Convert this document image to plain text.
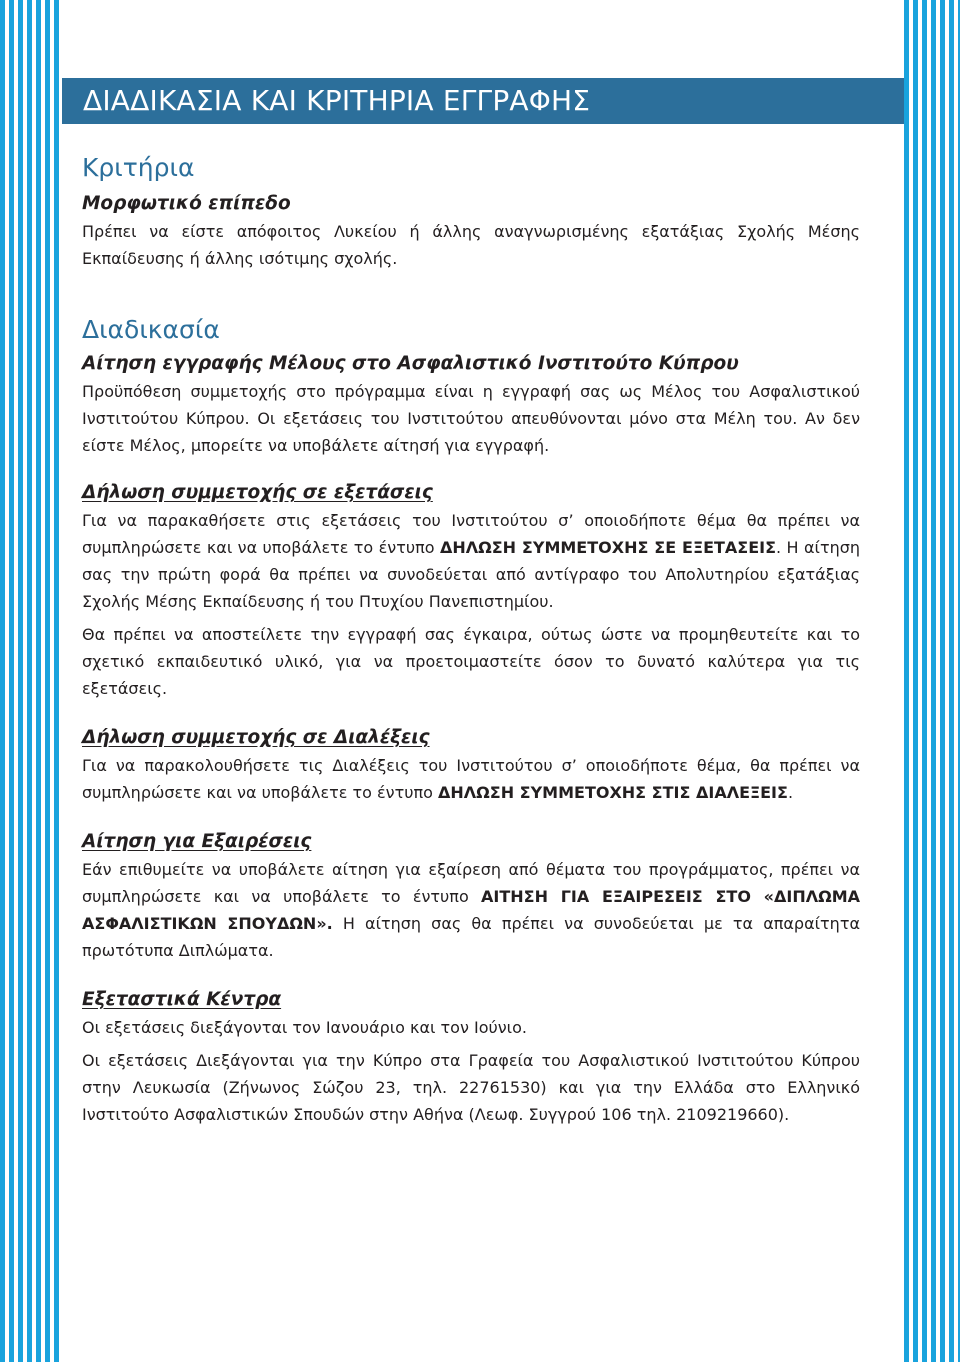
ΔΙΑΔΙΚΑΣΙΑ ΚΑΙ ΚΡΙΤΗΡΙΑ ΕΓΓΡΑΦΗΣ
Κριτήρια
Μορφωτικό επίπεδο

Πρέπει να είστε απόφοιτος Λυκείου ή άλλης αναγνωρισμένης εξατάξιας Σχολής Μέσης Εκπαίδευσης ή άλλης ισότιμης σχολής.

Διαδικασία
Αίτηση εγγραφής Μέλους στο Ασφαλιστικό Ινστιτούτο Κύπρου

Προϋπόθεση συμμετοχής στο πρόγραμμα είναι η εγγραφή σας ως Μέλος του Ασφαλιστικού Ινστιτούτου Κύπρου. Οι εξετάσεις του Ινστιτούτου απευθύνονται μόνο στα Μέλη του. Αν δεν είστε Μέλος, μπορείτε να υποβάλετε αίτησή για εγγραφή.

Δήλωση συμμετοχής σε εξετάσεις

Για να παρακαθήσετε στις εξετάσεις του Ινστιτούτου σ’ οποιοδήποτε θέμα θα πρέπει να συμπληρώσετε και να υποβάλετε το έντυπο ΔΗΛΩΣΗ ΣΥΜΜΕΤΟΧΗΣ ΣΕ ΕΞΕΤΑΣΕΙΣ. Η αίτηση σας την πρώτη φορά θα πρέπει να συνοδεύεται από αντίγραφο του Απολυτηρίου εξατάξιας Σχολής Μέσης Εκπαίδευσης ή του Πτυχίου Πανεπιστημίου.

Θα πρέπει να αποστείλετε την εγγραφή σας έγκαιρα, ούτως ώστε να προμηθευτείτε και το σχετικό εκπαιδευτικό υλικό, για να προετοιμαστείτε όσον το δυνατό καλύτερα για τις εξετάσεις.

Δήλωση συμμετοχής σε Διαλέξεις

Για να παρακολουθήσετε τις Διαλέξεις του Ινστιτούτου σ’ οποιοδήποτε θέμα, θα πρέπει να συμπληρώσετε και να υποβάλετε το έντυπο ΔΗΛΩΣΗ ΣΥΜΜΕΤΟΧΗΣ ΣΤΙΣ ΔΙΑΛΕΞΕΙΣ.

Αίτηση για Εξαιρέσεις

Εάν επιθυμείτε να υποβάλετε αίτηση για εξαίρεση από θέματα του προγράμματος, πρέπει να συμπληρώσετε και να υποβάλετε το έντυπο ΑΙΤΗΣΗ ΓΙΑ ΕΞΑΙΡΕΣΕΙΣ ΣΤΟ «ΔΙΠΛΩΜΑ ΑΣΦΑΛΙΣΤΙΚΩΝ ΣΠΟΥΔΩΝ». Η αίτηση σας θα πρέπει να συνοδεύεται με τα απαραίτητα πρωτότυπα Διπλώματα.

Εξεταστικά Κέντρα

Οι εξετάσεις διεξάγονται τον Ιανουάριο και τον Ιούνιο.

Οι εξετάσεις Διεξάγονται για την Κύπρο στα Γραφεία του Ασφαλιστικού Ινστιτούτου Κύπρου στην Λευκωσία (Ζήνωνος Σώζου 23, τηλ. 22761530) και για την Ελλάδα στο Ελληνικό Ινστιτούτο Ασφαλιστικών Σπουδών στην Αθήνα (Λεωφ. Συγγρού 106 τηλ. 2109219660).
